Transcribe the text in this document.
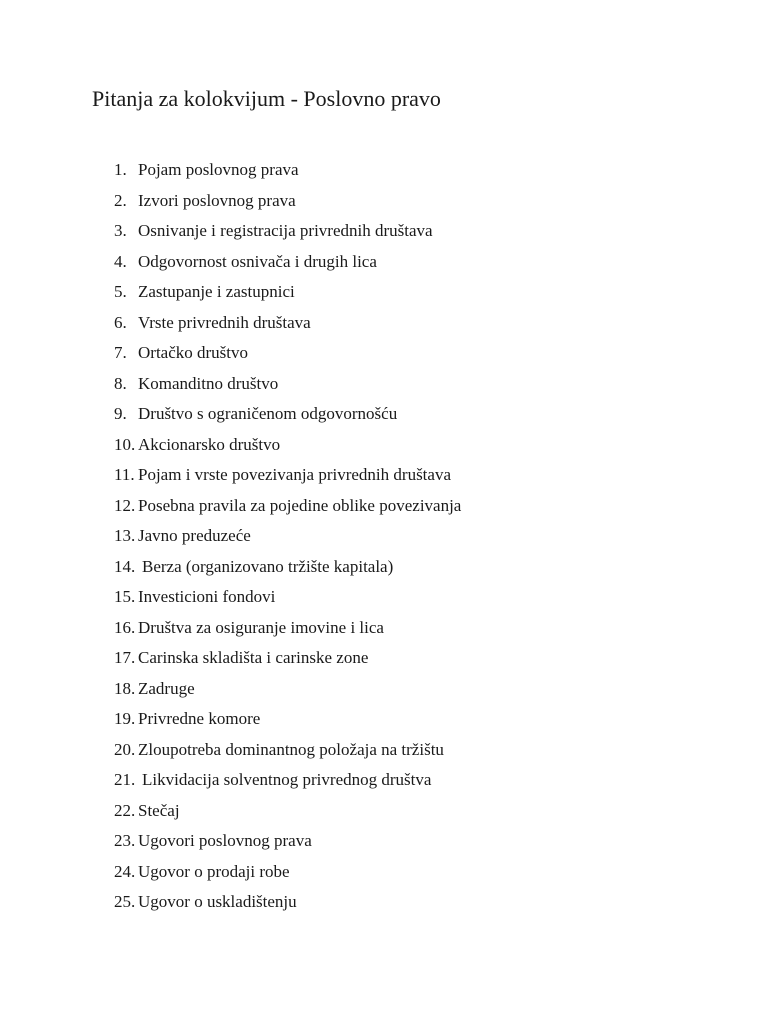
Pitanja za kolokvijum - Poslovno pravo
1. Pojam poslovnog prava
2. Izvori poslovnog prava
3. Osnivanje i registracija privrednih društava
4. Odgovornost osnivača i drugih lica
5. Zastupanje i zastupnici
6. Vrste privrednih društava
7. Ortačko društvo
8. Komanditno društvo
9. Društvo s ograničenom odgovornošću
10. Akcionarsko društvo
11. Pojam i vrste povezivanja privrednih društava
12. Posebna pravila za pojedine oblike povezivanja
13. Javno preduzeće
14. Berza (organizovano tržište kapitala)
15. Investicioni fondovi
16. Društva za osiguranje imovine i lica
17. Carinska skladišta i carinske zone
18. Zadruge
19. Privredne komore
20. Zloupotreba dominantnog položaja na tržištu
21. Likvidacija solventnog privrednog društva
22. Stečaj
23. Ugovori poslovnog prava
24. Ugovor o prodaji robe
25. Ugovor o uskladištenju
